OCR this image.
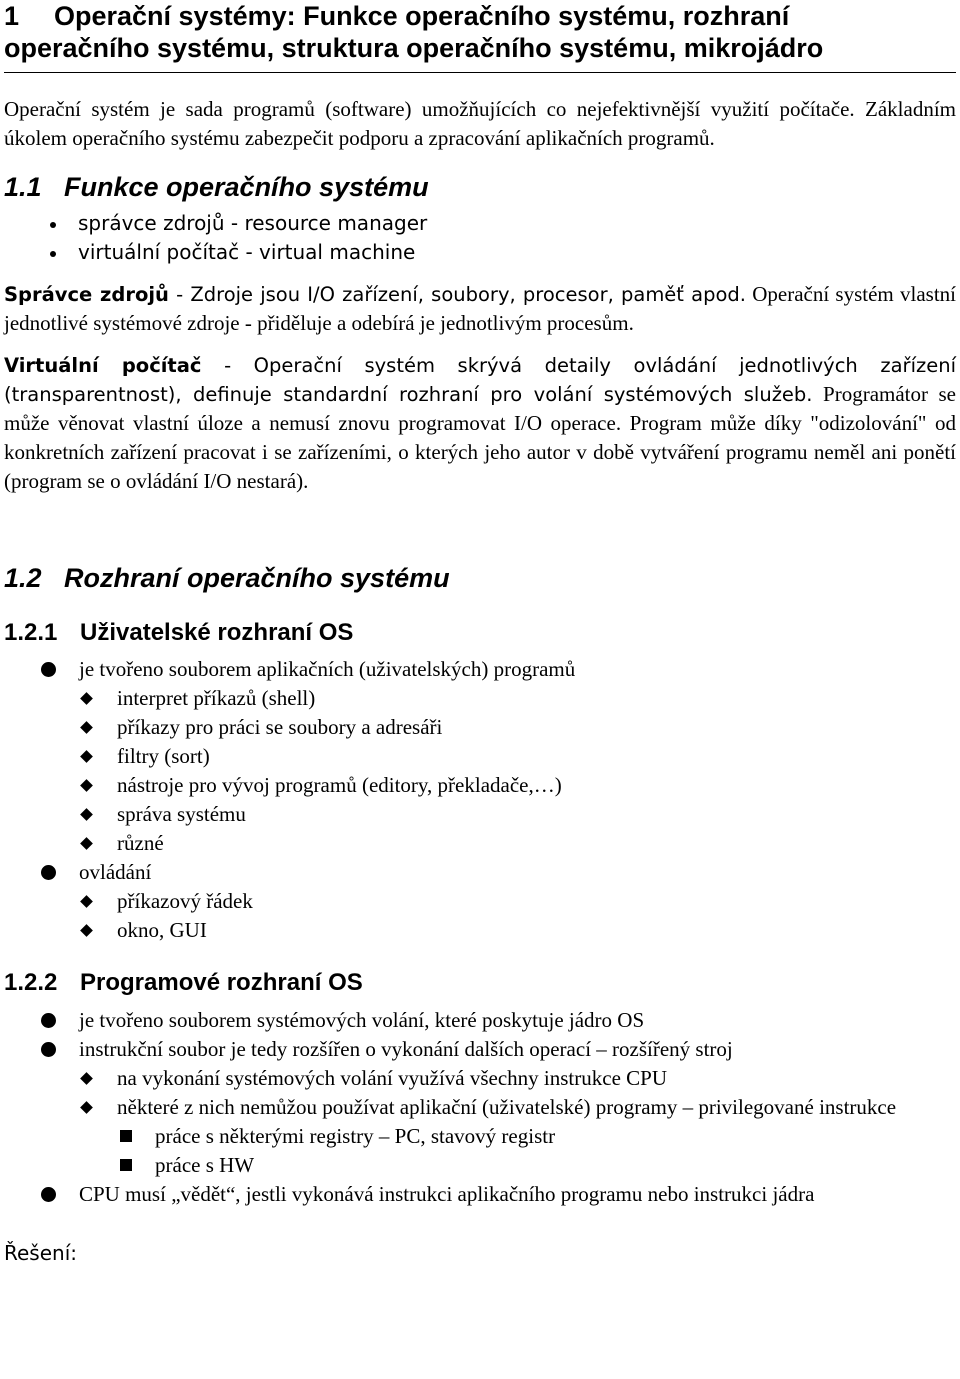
1 Operační systémy: Funkce operačního systému, rozhraní
operačního systému, struktura operačního systému, mikrojádro

Operační systém je sada programů (software) umožňujících co nejefektivnější využití počítače. Základním úkolem operačního systému zabezpečit podporu a zpracování aplikačních programů.

1.1 Funkce operačního systému
správce zdrojů - resource manager
virtuální počítač - virtual machine

Správce zdrojů - Zdroje jsou I/O zařízení, soubory, procesor, paměť apod. Operační systém vlastní jednotlivé systémové zdroje - přiděluje a odebírá je jednotlivým procesům.

Virtuální počítač - Operační systém skrývá detaily ovládání jednotlivých zařízení (transparentnost), definuje standardní rozhraní pro volání systémových služeb. Programátor se může věnovat vlastní úloze a nemusí znovu programovat I/O operace. Program může díky "odizolování" od konkretních zařízení pracovat i se zařízeními, o kterých jeho autor v době vytváření programu neměl ani ponětí (program se o ovládání I/O nestará).

1.2 Rozhraní operačního systému
1.2.1 Uživatelské rozhraní OS
je tvořeno souborem aplikačních (uživatelských) programů
interpret příkazů (shell)
příkazy pro práci se soubory a adresáři
filtry (sort)
nástroje pro vývoj programů (editory, překladače,…)
správa systému
různé
ovládání
příkazový řádek
okno, GUI
1.2.2 Programové rozhraní OS
je tvořeno souborem systémových volání, které poskytuje jádro OS
instrukční soubor je tedy rozšířen o vykonání dalších operací – rozšířený stroj
na vykonání systémových volání využívá všechny instrukce CPU
některé z nich nemůžou používat aplikační (uživatelské) programy – privilegované instrukce
práce s některými registry – PC, stavový registr
práce s HW
CPU musí „vědět“, jestli vykonává instrukci aplikačního programu nebo instrukci jádra
Řešení:
